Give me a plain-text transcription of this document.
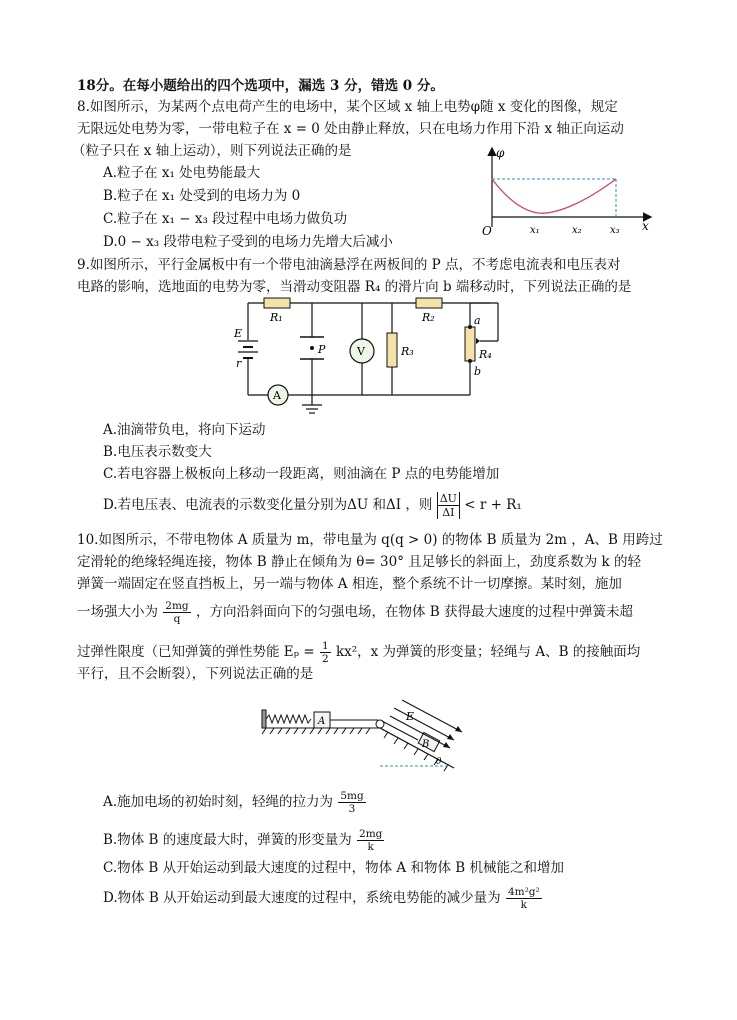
18分。在每小题给出的四个选项中，漏选 3 分，错选 0 分。
8.如图所示，为某两个点电荷产生的电场中，某个区域 x 轴上电势φ随 x 变化的图像，规定
无限远处电势为零，一带电粒子在 x = 0 处由静止释放，只在电场力作用下沿 x 轴正向运动
（粒子只在 x 轴上运动），则下列说法正确的是
A.粒子在 x₁ 处电势能最大
B.粒子在 x₁ 处受到的电场力为 0
C.粒子在 x₁ − x₃ 段过程中电场力做负功
D.0 − x₃ 段带电粒子受到的电场力先增大后减小
φ
x
O	x₁	x₂	x₃
9.如图所示，平行金属板中有一个带电油滴悬浮在两板间的 P 点，不考虑电流表和电压表对
电路的影响，选地面的电势为零，当滑动变阻器 R₄ 的滑片向 b 端移动时，下列说法正确的是
E
r
R₁	R₂
R₃	R₄
P	V
A
a
b
A.油滴带负电，将向下运动
B.电压表示数变大
C.若电容器上极板向上移动一段距离，则油滴在 P 点的电势能增加
D.若电压表、电流表的示数变化量分别为ΔU 和ΔI ，则 $\frac{\Delta U}{\Delta I} < r + R_1$
10.如图所示，不带电物体 A 质量为 m，带电量为 q(q > 0) 的物体 B 质量为 2m ，A、B 用跨过
定滑轮的绝缘轻绳连接，物体 B 静止在倾角为 θ= 30° 且足够长的斜面上，劲度系数为 k 的轻
弹簧一端固定在竖直挡板上，另一端与物体 A 相连，整个系统不计一切摩擦。某时刻，施加
一场强大小为 $\frac{2mg}{q}$ ，方向沿斜面向下的匀强电场，在物体 B 获得最大速度的过程中弹簧未超
过弹性限度（已知弹簧的弹性势能 $E_p = \frac{1}{2} kx^2$，x 为弹簧的形变量；轻绳与 A、B 的接触面均
平行，且不会断裂），下列说法正确的是
A
B
E
θ
A.施加电场的初始时刻，轻绳的拉力为 $\frac{5mg}{3}$
B.物体 B 的速度最大时，弹簧的形变量为 $\frac{2mg}{k}$
C.物体 B 从开始运动到最大速度的过程中，物体 A 和物体 B 机械能之和增加
D.物体 B 从开始运动到最大速度的过程中，系统电势能的减少量为 $\frac{\text{4m²g²}}{k}$
